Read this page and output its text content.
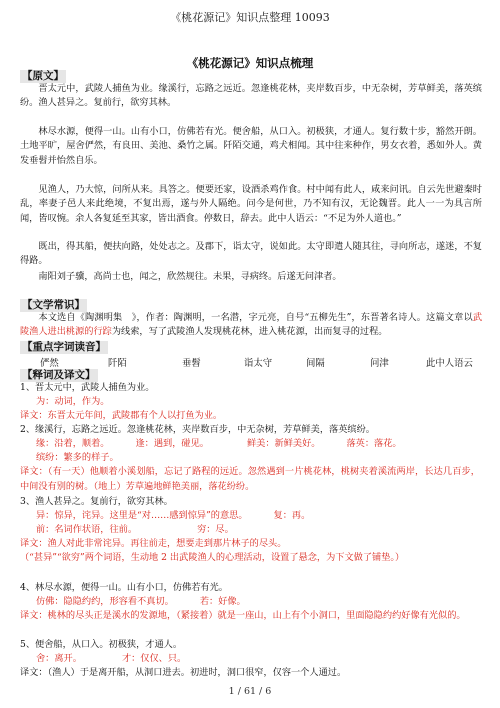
《桃花源记》知识点整理 10093
《桃花源记》知识点梳理
【原文】
晋太元中，武陵人捕鱼为业。缘溪行，忘路之远近。忽逢桃花林，夹岸数百步，中无杂树，芳草鲜美，落英缤纷。渔人甚异之。复前行，欲穷其林。
林尽水源，便得一山。山有小口，仿佛若有光。便舍船，从口入。初极狭，才通人。复行数十步，豁然开朗。土地平旷，屋舍俨然，有良田、美池、桑竹之属。阡陌交通，鸡犬相闻。其中往来种作，男女衣着，悉如外人。黄发垂髫并怡然自乐。
见渔人，乃大惊，问所从来。具答之。便要还家，设酒杀鸡作食。村中闻有此人，咸来问讯。自云先世避秦时乱，率妻子邑人来此绝境，不复出焉，遂与外人隔绝。问今是何世，乃不知有汉，无论魏晋。此人一一为具言所闻，皆叹惋。余人各复延至其家，皆出酒食。停数日，辞去。此中人语云：“不足为外人道也。”
既出，得其船，便扶向路，处处志之。及郡下，诣太守，说如此。太守即遣人随其往，寻向所志，遂迷，不复得路。
南阳刘子骥，高尚士也，闻之，欣然规往。未果，寻病终。后遂无问津者。
【文学常识】
本文选自《陶渊明集　》，作者：陶渊明，一名潜，字元亮，自号“五柳先生”，东晋著名诗人。这篇文章以武陵渔人进出桃源的行踪为线索，写了武陵渔人发现桃花林，进入桃花源，出而复寻的过程。
【重点字词读音】
俨然	阡陌	垂髫	诣太守	间隔	问津	此中人语云
【释词及译文】
1、晋太元中，武陵人捕鱼为业。
为：动词，作为。
译文：东晋太元年间，武陵郡有个人以打鱼为业。
2、缘溪行，忘路之远近。忽逢桃花林，夹岸数百步，中无杂树，芳草鲜美，落英缤纷。
缘：沿着，顺着。	逢：遇到，碰见。	鲜美：新鲜美好。	落英：落花。
缤纷：繁多的样子。
译文：（有一天）他顺着小溪划船，忘记了路程的远近。忽然遇到一片桃花林，桃树夹着溪流两岸，长达几百步，中间没有别的树。（地上）芳草遍地鲜艳美丽，落花纷纷。
3、渔人甚异之。复前行，欲穷其林。
异：惊异，诧异。这里是“对……感到惊异”的意思。	复：再。
前：名词作状语，往前。	穷：尽。
译文：渔人对此非常诧异。再往前走，想要走到那片林子的尽头。
（“甚异”“欲穷”两个词语，生动地 2 出武陵渔人的心理活动，设置了悬念，为下文做了铺垫。）
4、林尽水源，便得一山。山有小口，仿佛若有光。
仿佛：隐隐约约，形容看不真切。	若：好像。
译文：桃林的尽头正是溪水的发源地，（紧接着）就是一座山，山上有个小洞口，里面隐隐约约好像有光似的。
5、便舍船，从口入。初极狭，才通人。
舍：离开。	才：仅仅、只。
译文：（渔人）于是离开船，从洞口进去。初进时，洞口很窄，仅容一个人通过。
1 / 61 / 6
